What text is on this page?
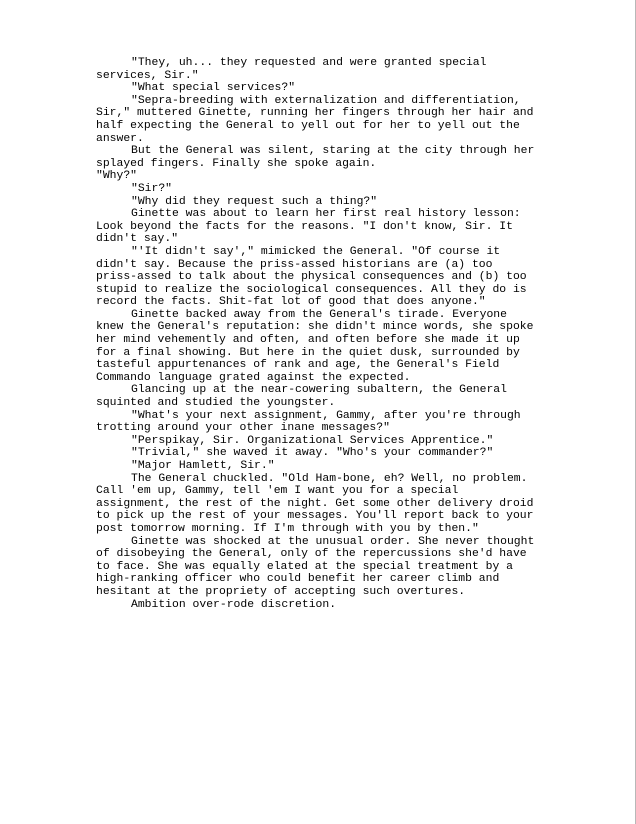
"They, uh... they requested and were granted special services, Sir."

"What special services?"

"Sepra-breeding with externalization and differentiation, Sir," muttered Ginette, running her fingers through her hair and half expecting the General to yell out for her to yell out the answer.

But the General was silent, staring at the city through her splayed fingers. Finally she spoke again.

"Why?"

"Sir?"

"Why did they request such a thing?"

Ginette was about to learn her first real history lesson: Look beyond the facts for the reasons. "I don't know, Sir. It didn't say."

"'It didn't say'," mimicked the General. "Of course it didn't say. Because the priss-assed historians are (a) too priss-assed to talk about the physical consequences and (b) too stupid to realize the sociological consequences. All they do is record the facts. Shit-fat lot of good that does anyone."

Ginette backed away from the General's tirade. Everyone knew the General's reputation: she didn't mince words, she spoke her mind vehemently and often, and often before she made it up for a final showing. But here in the quiet dusk, surrounded by tasteful appurtenances of rank and age, the General's Field Commando language grated against the expected.

Glancing up at the near-cowering subaltern, the General squinted and studied the youngster.

"What's your next assignment, Gammy, after you're through trotting around your other inane messages?"

"Perspikay, Sir. Organizational Services Apprentice."

"Trivial," she waved it away. "Who's your commander?"

"Major Hamlett, Sir."

The General chuckled. "Old Ham-bone, eh? Well, no problem. Call 'em up, Gammy, tell 'em I want you for a special assignment, the rest of the night. Get some other delivery droid to pick up the rest of your messages. You'll report back to your post tomorrow morning. If I'm through with you by then."

Ginette was shocked at the unusual order. She never thought of disobeying the General, only of the repercussions she'd have to face. She was equally elated at the special treatment by a high-ranking officer who could benefit her career climb and hesitant at the propriety of accepting such overtures.

Ambition over-rode discretion.
